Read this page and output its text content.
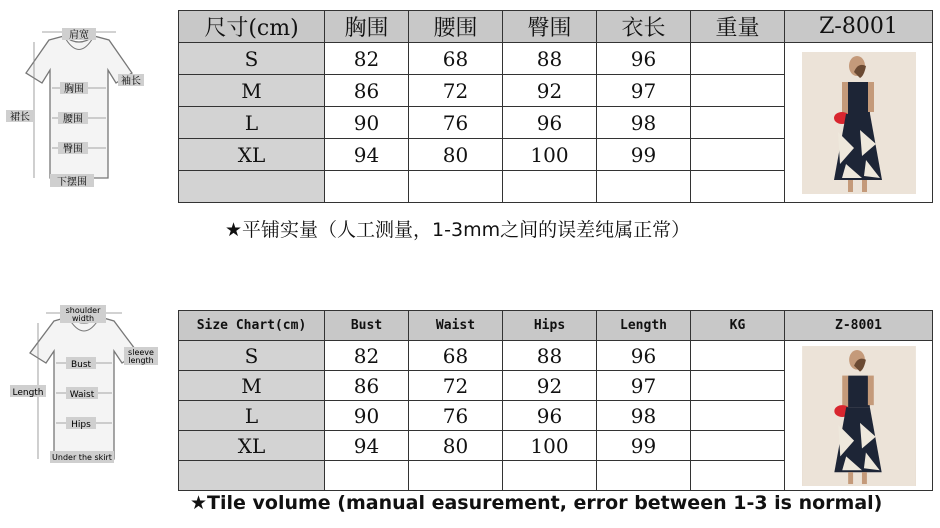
肩宽
袖长
胸围
裙长	腰围
臀围
下摆围
尺寸(cm)	胸围	腰围	臀围	衣长	重量	Z-8001
S	82	68	88	96		

M	86	72	92	97		
L	90	76	96	98		
XL	94	80	100	99		

★平铺实量（人工测量，1-3mm之间的误差纯属正常）
shoulder
width
sleeve
length
Bust
Length	Waist
Hips
Under the skirt
Size Chart(cm)	Bust	Waist	Hips	Length	KG	Z-8001
S	82	68	88	96		

M	86	72	92	97		
L	90	76	96	98		
XL	94	80	100	99		

★Tile volume (manual easurement, error between 1-3 is normal)
